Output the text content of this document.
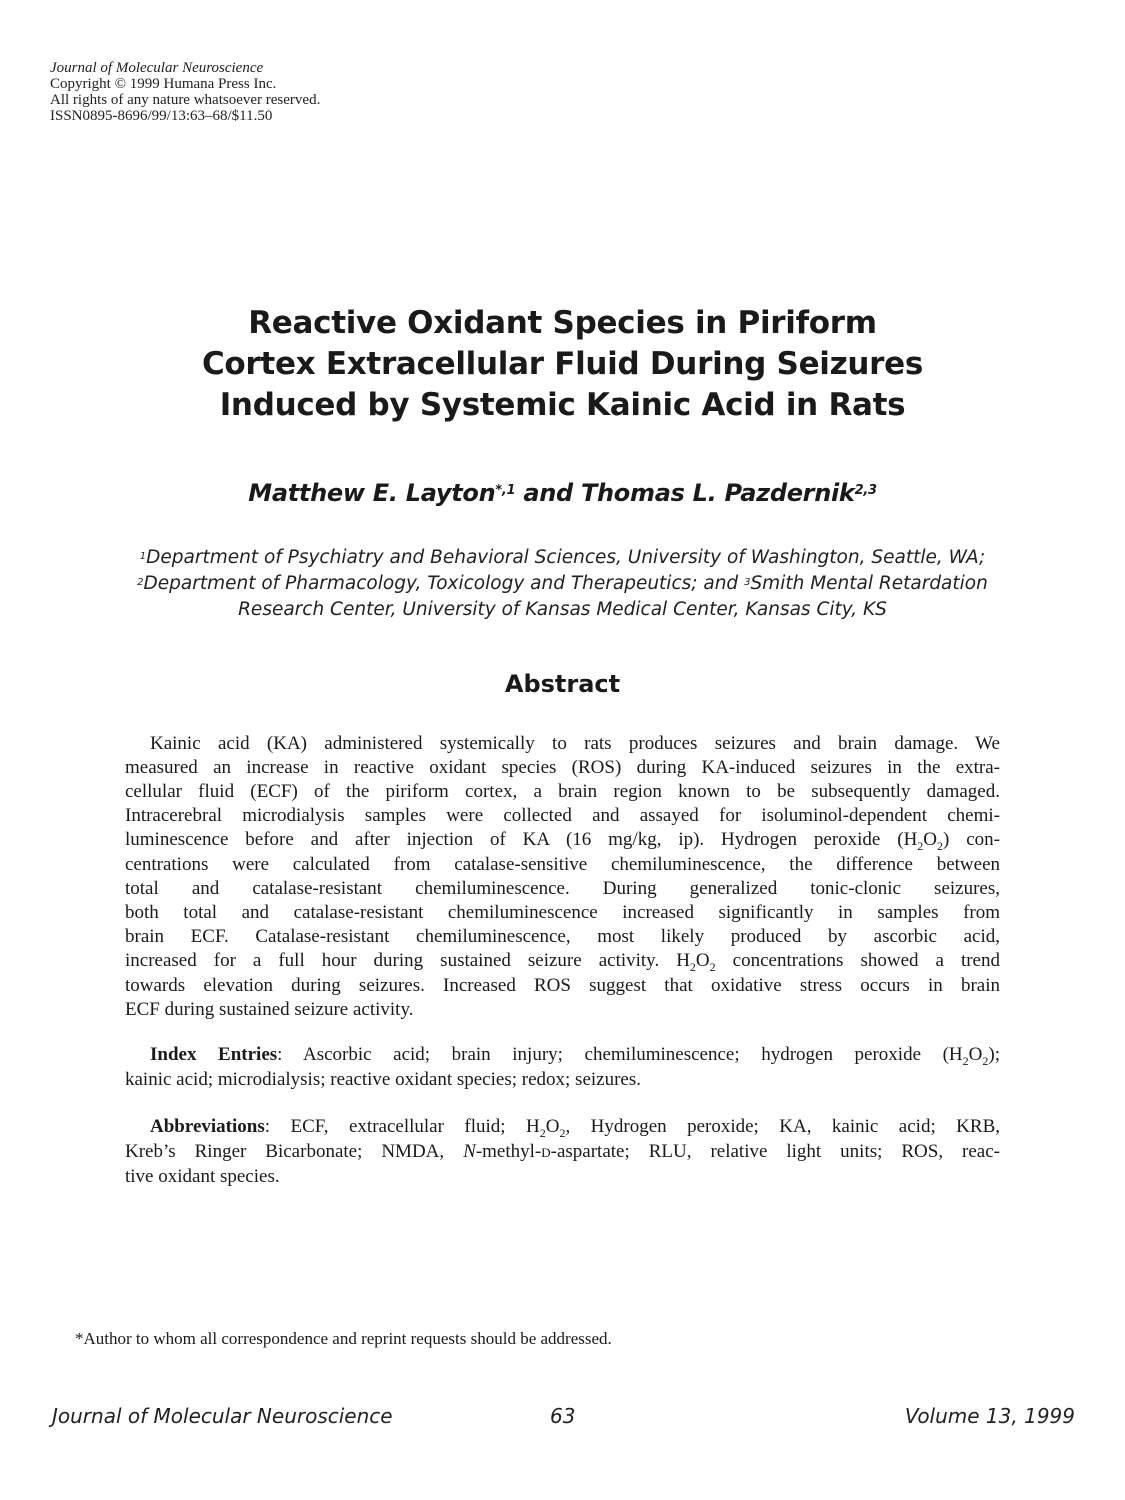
Journal of Molecular Neuroscience
Copyright © 1999 Humana Press Inc.
All rights of any nature whatsoever reserved.
ISSN0895-8696/99/13:63–68/$11.50
Reactive Oxidant Species in Piriform
Cortex Extracellular Fluid During Seizures
Induced by Systemic Kainic Acid in Rats
Matthew E. Layton$^{*,1}$ and Thomas L. Pazdernik$^{2,3}$
$^1$Department of Psychiatry and Behavioral Sciences, University of Washington, Seattle, WA;
$^2$Department of Pharmacology, Toxicology and Therapeutics; and $^3$Smith Mental Retardation
Research Center, University of Kansas Medical Center, Kansas City, KS
Abstract
Kainic acid (KA) administered systemically to rats produces seizures and brain damage. We
measured an increase in reactive oxidant species (ROS) during KA-induced seizures in the extra-
cellular fluid (ECF) of the piriform cortex, a brain region known to be subsequently damaged.
Intracerebral microdialysis samples were collected and assayed for isoluminol-dependent chemi-
luminescence before and after injection of KA (16 mg/kg, ip). Hydrogen peroxide $(H_2O_2)$ con-
centrations were calculated from catalase-sensitive chemiluminescence, the difference between
total and catalase-resistant chemiluminescence. During generalized tonic-clonic seizures,
both total and catalase-resistant chemiluminescence increased significantly in samples from
brain ECF. Catalase-resistant chemiluminescence, most likely produced by ascorbic acid,
increased for a full hour during sustained seizure activity. $H_2O_2$ concentrations showed a trend
towards elevation during seizures. Increased ROS suggest that oxidative stress occurs in brain
ECF during sustained seizure activity.
Index Entries: Ascorbic acid; brain injury; chemiluminescence; hydrogen peroxide $(H_2O_2)$;
kainic acid; microdialysis; reactive oxidant species; redox; seizures.
Abbreviations: ECF, extracellular fluid; $H_2O_2$, Hydrogen peroxide; KA, kainic acid; KRB,
Kreb’s Ringer Bicarbonate; NMDA, N-methyl-D-aspartate; RLU, relative light units; ROS, reac-
tive oxidant species.
*Author to whom all correspondence and reprint requests should be addressed.
Journal of Molecular Neuroscience	63	Volume 13, 1999
